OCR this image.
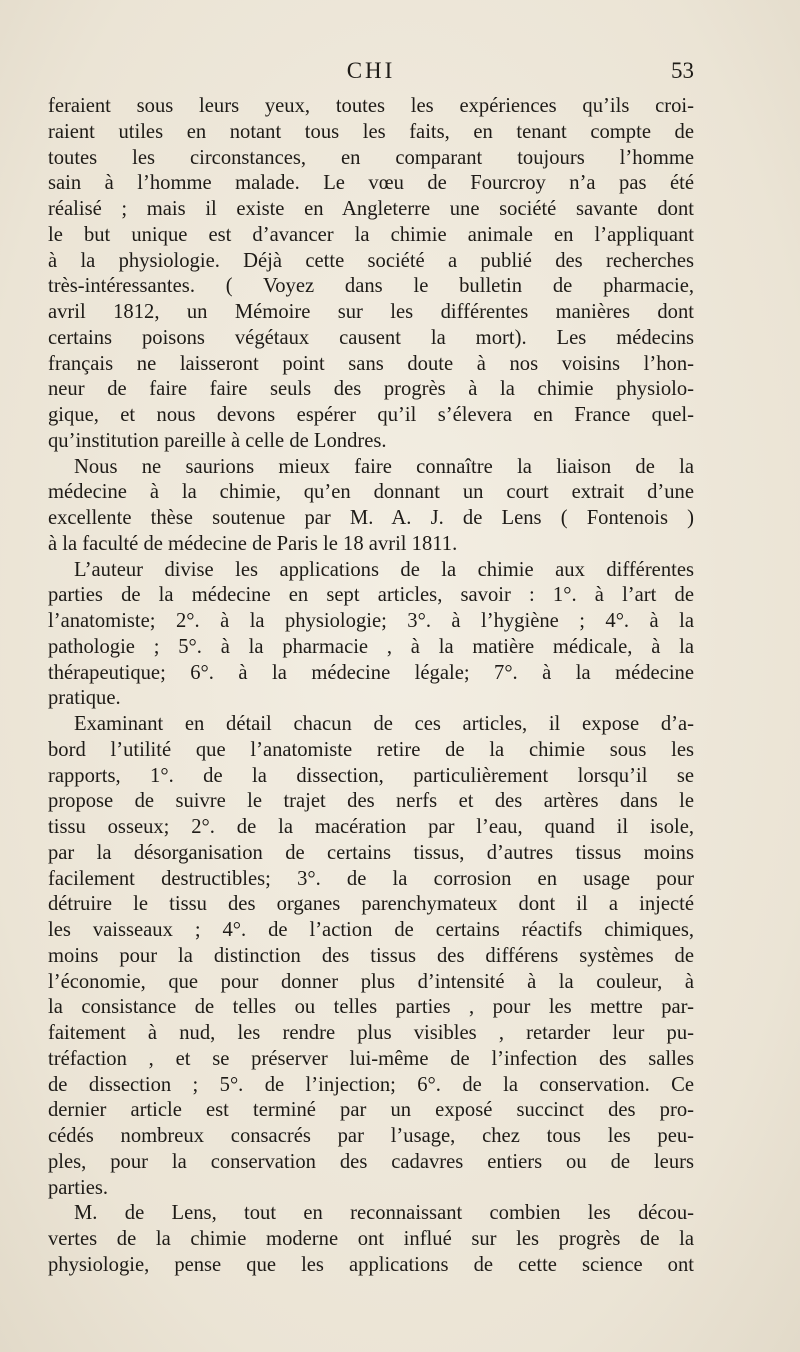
CHI	53
feraient sous leurs yeux, toutes les expériences qu’ils croi-
raient utiles en notant tous les faits, en tenant compte de
toutes les circonstances, en comparant toujours l’homme
sain à l’homme malade. Le vœu de Fourcroy n’a pas été
réalisé ; mais il existe en Angleterre une société savante dont
le but unique est d’avancer la chimie animale en l’appliquant
à la physiologie. Déjà cette société a publié des recherches
très-intéressantes. ( Voyez dans le bulletin de pharmacie,
avril 1812, un Mémoire sur les différentes manières dont
certains poisons végétaux causent la mort). Les médecins
français ne laisseront point sans doute à nos voisins l’hon-
neur de faire faire seuls des progrès à la chimie physiolo-
gique, et nous devons espérer qu’il s’élevera en France quel-
qu’institution pareille à celle de Londres.
Nous ne saurions mieux faire connaître la liaison de la
médecine à la chimie, qu’en donnant un court extrait d’une
excellente thèse soutenue par M. A. J. de Lens ( Fontenois )
à la faculté de médecine de Paris le 18 avril 1811.
L’auteur divise les applications de la chimie aux différentes
parties de la médecine en sept articles, savoir : 1°. à l’art de
l’anatomiste; 2°. à la physiologie; 3°. à l’hygiène ; 4°. à la
pathologie ; 5°. à la pharmacie , à la matière médicale, à la
thérapeutique; 6°. à la médecine légale; 7°. à la médecine
pratique.
Examinant en détail chacun de ces articles, il expose d’a-
bord l’utilité que l’anatomiste retire de la chimie sous les
rapports, 1°. de la dissection, particulièrement lorsqu’il se
propose de suivre le trajet des nerfs et des artères dans le
tissu osseux; 2°. de la macération par l’eau, quand il isole,
par la désorganisation de certains tissus, d’autres tissus moins
facilement destructibles; 3°. de la corrosion en usage pour
détruire le tissu des organes parenchymateux dont il a injecté
les vaisseaux ; 4°. de l’action de certains réactifs chimiques,
moins pour la distinction des tissus des différens systèmes de
l’économie, que pour donner plus d’intensité à la couleur, à
la consistance de telles ou telles parties , pour les mettre par-
faitement à nud, les rendre plus visibles , retarder leur pu-
tréfaction , et se préserver lui-même de l’infection des salles
de dissection ; 5°. de l’injection; 6°. de la conservation. Ce
dernier article est terminé par un exposé succinct des pro-
cédés nombreux consacrés par l’usage, chez tous les peu-
ples, pour la conservation des cadavres entiers ou de leurs
parties.
M. de Lens, tout en reconnaissant combien les décou-
vertes de la chimie moderne ont influé sur les progrès de la
physiologie, pense que les applications de cette science ont
